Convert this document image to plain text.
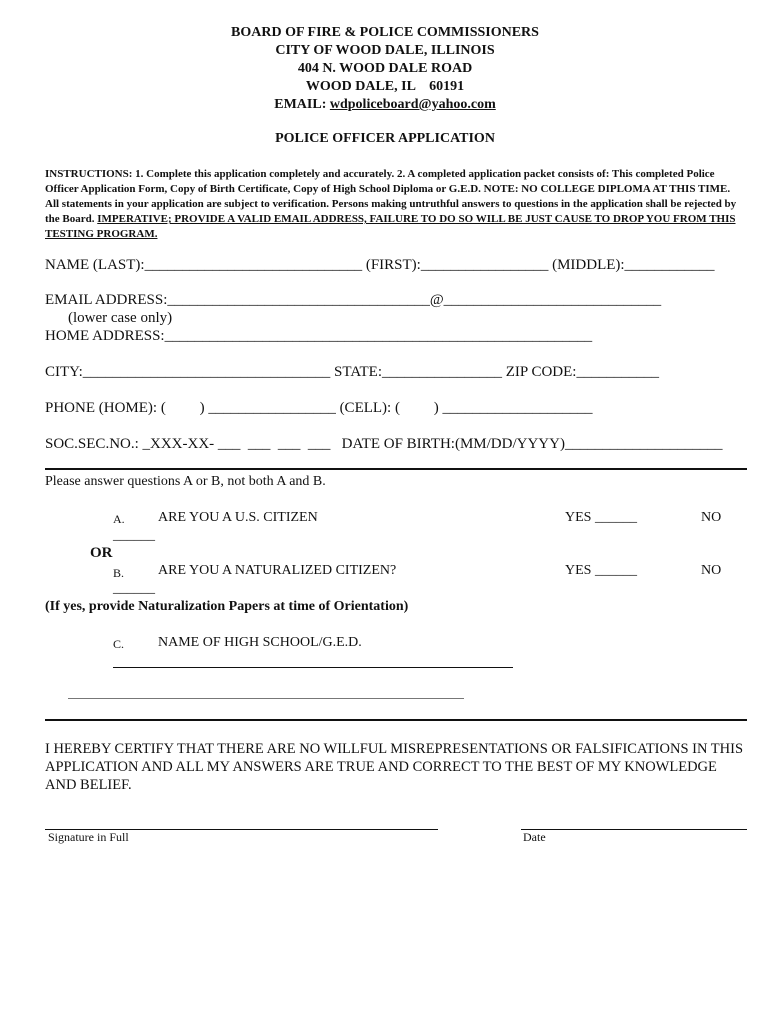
BOARD OF FIRE & POLICE COMMISSIONERS
CITY OF WOOD DALE, ILLINOIS
404 N. WOOD DALE ROAD
WOOD DALE, IL    60191
EMAIL: wdpoliceboard@yahoo.com
POLICE OFFICER APPLICATION
INSTRUCTIONS: 1. Complete this application completely and accurately. 2. A completed application packet consists of: This completed Police Officer Application Form, Copy of Birth Certificate, Copy of High School Diploma or G.E.D. NOTE: NO COLLEGE DIPLOMA AT THIS TIME. All statements in your application are subject to verification. Persons making untruthful answers to questions in the application shall be rejected by the Board. IMPERATIVE; PROVIDE A VALID EMAIL ADDRESS, FAILURE TO DO SO WILL BE JUST CAUSE TO DROP YOU FROM THIS TESTING PROGRAM.
NAME (LAST):_____________________________ (FIRST):_________________ (MIDDLE):____________
EMAIL ADDRESS:___________________________________@_____________________________
(lower case only)
HOME ADDRESS:_________________________________________________________
CITY:_________________________________ STATE:________________ ZIP CODE:___________
PHONE (HOME): (         ) _________________ (CELL): (         ) ____________________
SOC.SEC.NO.: _XXX-XX- ___  ___  ___  ___   DATE OF BIRTH:(MM/DD/YYYY)_____________________
Please answer questions A or B, not both A and B.
A. ARE YOU A U.S. CITIZEN	YES ______	NO
______
OR
B. ARE YOU A NATURALIZED CITIZEN?	YES ______	NO
______
(If yes, provide Naturalization Papers at time of Orientation)
C. NAME OF HIGH SCHOOL/G.E.D.
I HEREBY CERTIFY THAT THERE ARE NO WILLFUL MISREPRESENTATIONS OR FALSIFICATIONS IN THIS APPLICATION AND ALL MY ANSWERS ARE TRUE AND CORRECT TO THE BEST OF MY KNOWLEDGE AND BELIEF.
Signature in Full	Date
